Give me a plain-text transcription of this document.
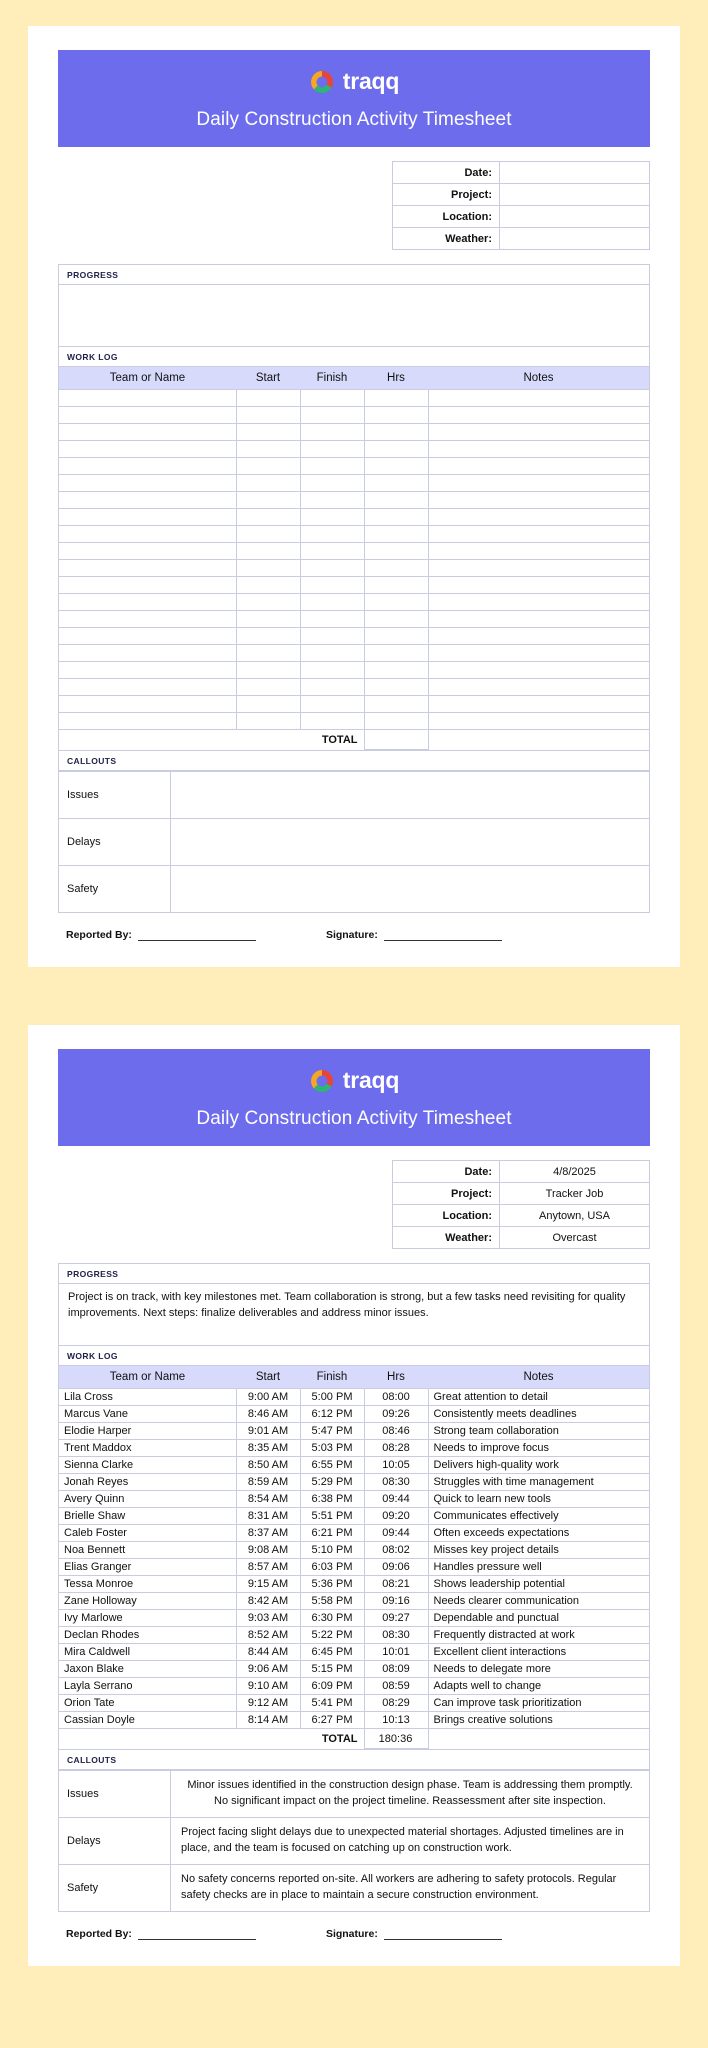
traqq
Daily Construction Activity Timesheet
Date:	
Project:	
Location:	
Weather:	
PROGRESS
WORK LOG
Team or Name	Start	Finish	Hrs	Notes

		TOTAL		
CALLOUTS
Issues	
Delays	
Safety	
Reported By:	Signature:
traqq
Daily Construction Activity Timesheet
Date:	4/8/2025
Project:	Tracker Job
Location:	Anytown, USA
Weather:	Overcast
PROGRESS
Project is on track, with key milestones met. Team collaboration is strong, but a few tasks need revisiting for quality improvements. Next steps: finalize deliverables and address minor issues.
WORK LOG
Team or Name	Start	Finish	Hrs	Notes
Lila Cross	9:00 AM	5:00 PM	08:00	Great attention to detail
Marcus Vane	8:46 AM	6:12 PM	09:26	Consistently meets deadlines
Elodie Harper	9:01 AM	5:47 PM	08:46	Strong team collaboration
Trent Maddox	8:35 AM	5:03 PM	08:28	Needs to improve focus
Sienna Clarke	8:50 AM	6:55 PM	10:05	Delivers high-quality work
Jonah Reyes	8:59 AM	5:29 PM	08:30	Struggles with time management
Avery Quinn	8:54 AM	6:38 PM	09:44	Quick to learn new tools
Brielle Shaw	8:31 AM	5:51 PM	09:20	Communicates effectively
Caleb Foster	8:37 AM	6:21 PM	09:44	Often exceeds expectations
Noa Bennett	9:08 AM	5:10 PM	08:02	Misses key project details
Elias Granger	8:57 AM	6:03 PM	09:06	Handles pressure well
Tessa Monroe	9:15 AM	5:36 PM	08:21	Shows leadership potential
Zane Holloway	8:42 AM	5:58 PM	09:16	Needs clearer communication
Ivy Marlowe	9:03 AM	6:30 PM	09:27	Dependable and punctual
Declan Rhodes	8:52 AM	5:22 PM	08:30	Frequently distracted at work
Mira Caldwell	8:44 AM	6:45 PM	10:01	Excellent client interactions
Jaxon Blake	9:06 AM	5:15 PM	08:09	Needs to delegate more
Layla Serrano	9:10 AM	6:09 PM	08:59	Adapts well to change
Orion Tate	9:12 AM	5:41 PM	08:29	Can improve task prioritization
Cassian Doyle	8:14 AM	6:27 PM	10:13	Brings creative solutions
		TOTAL	180:36	
CALLOUTS
Issues	Minor issues identified in the construction design phase. Team is addressing them promptly. No significant impact on the project timeline. Reassessment after site inspection.
Delays	Project facing slight delays due to unexpected material shortages. Adjusted timelines are in place, and the team is focused on catching up on construction work.
Safety	No safety concerns reported on-site. All workers are adhering to safety protocols. Regular safety checks are in place to maintain a secure construction environment.
Reported By:	Signature:
